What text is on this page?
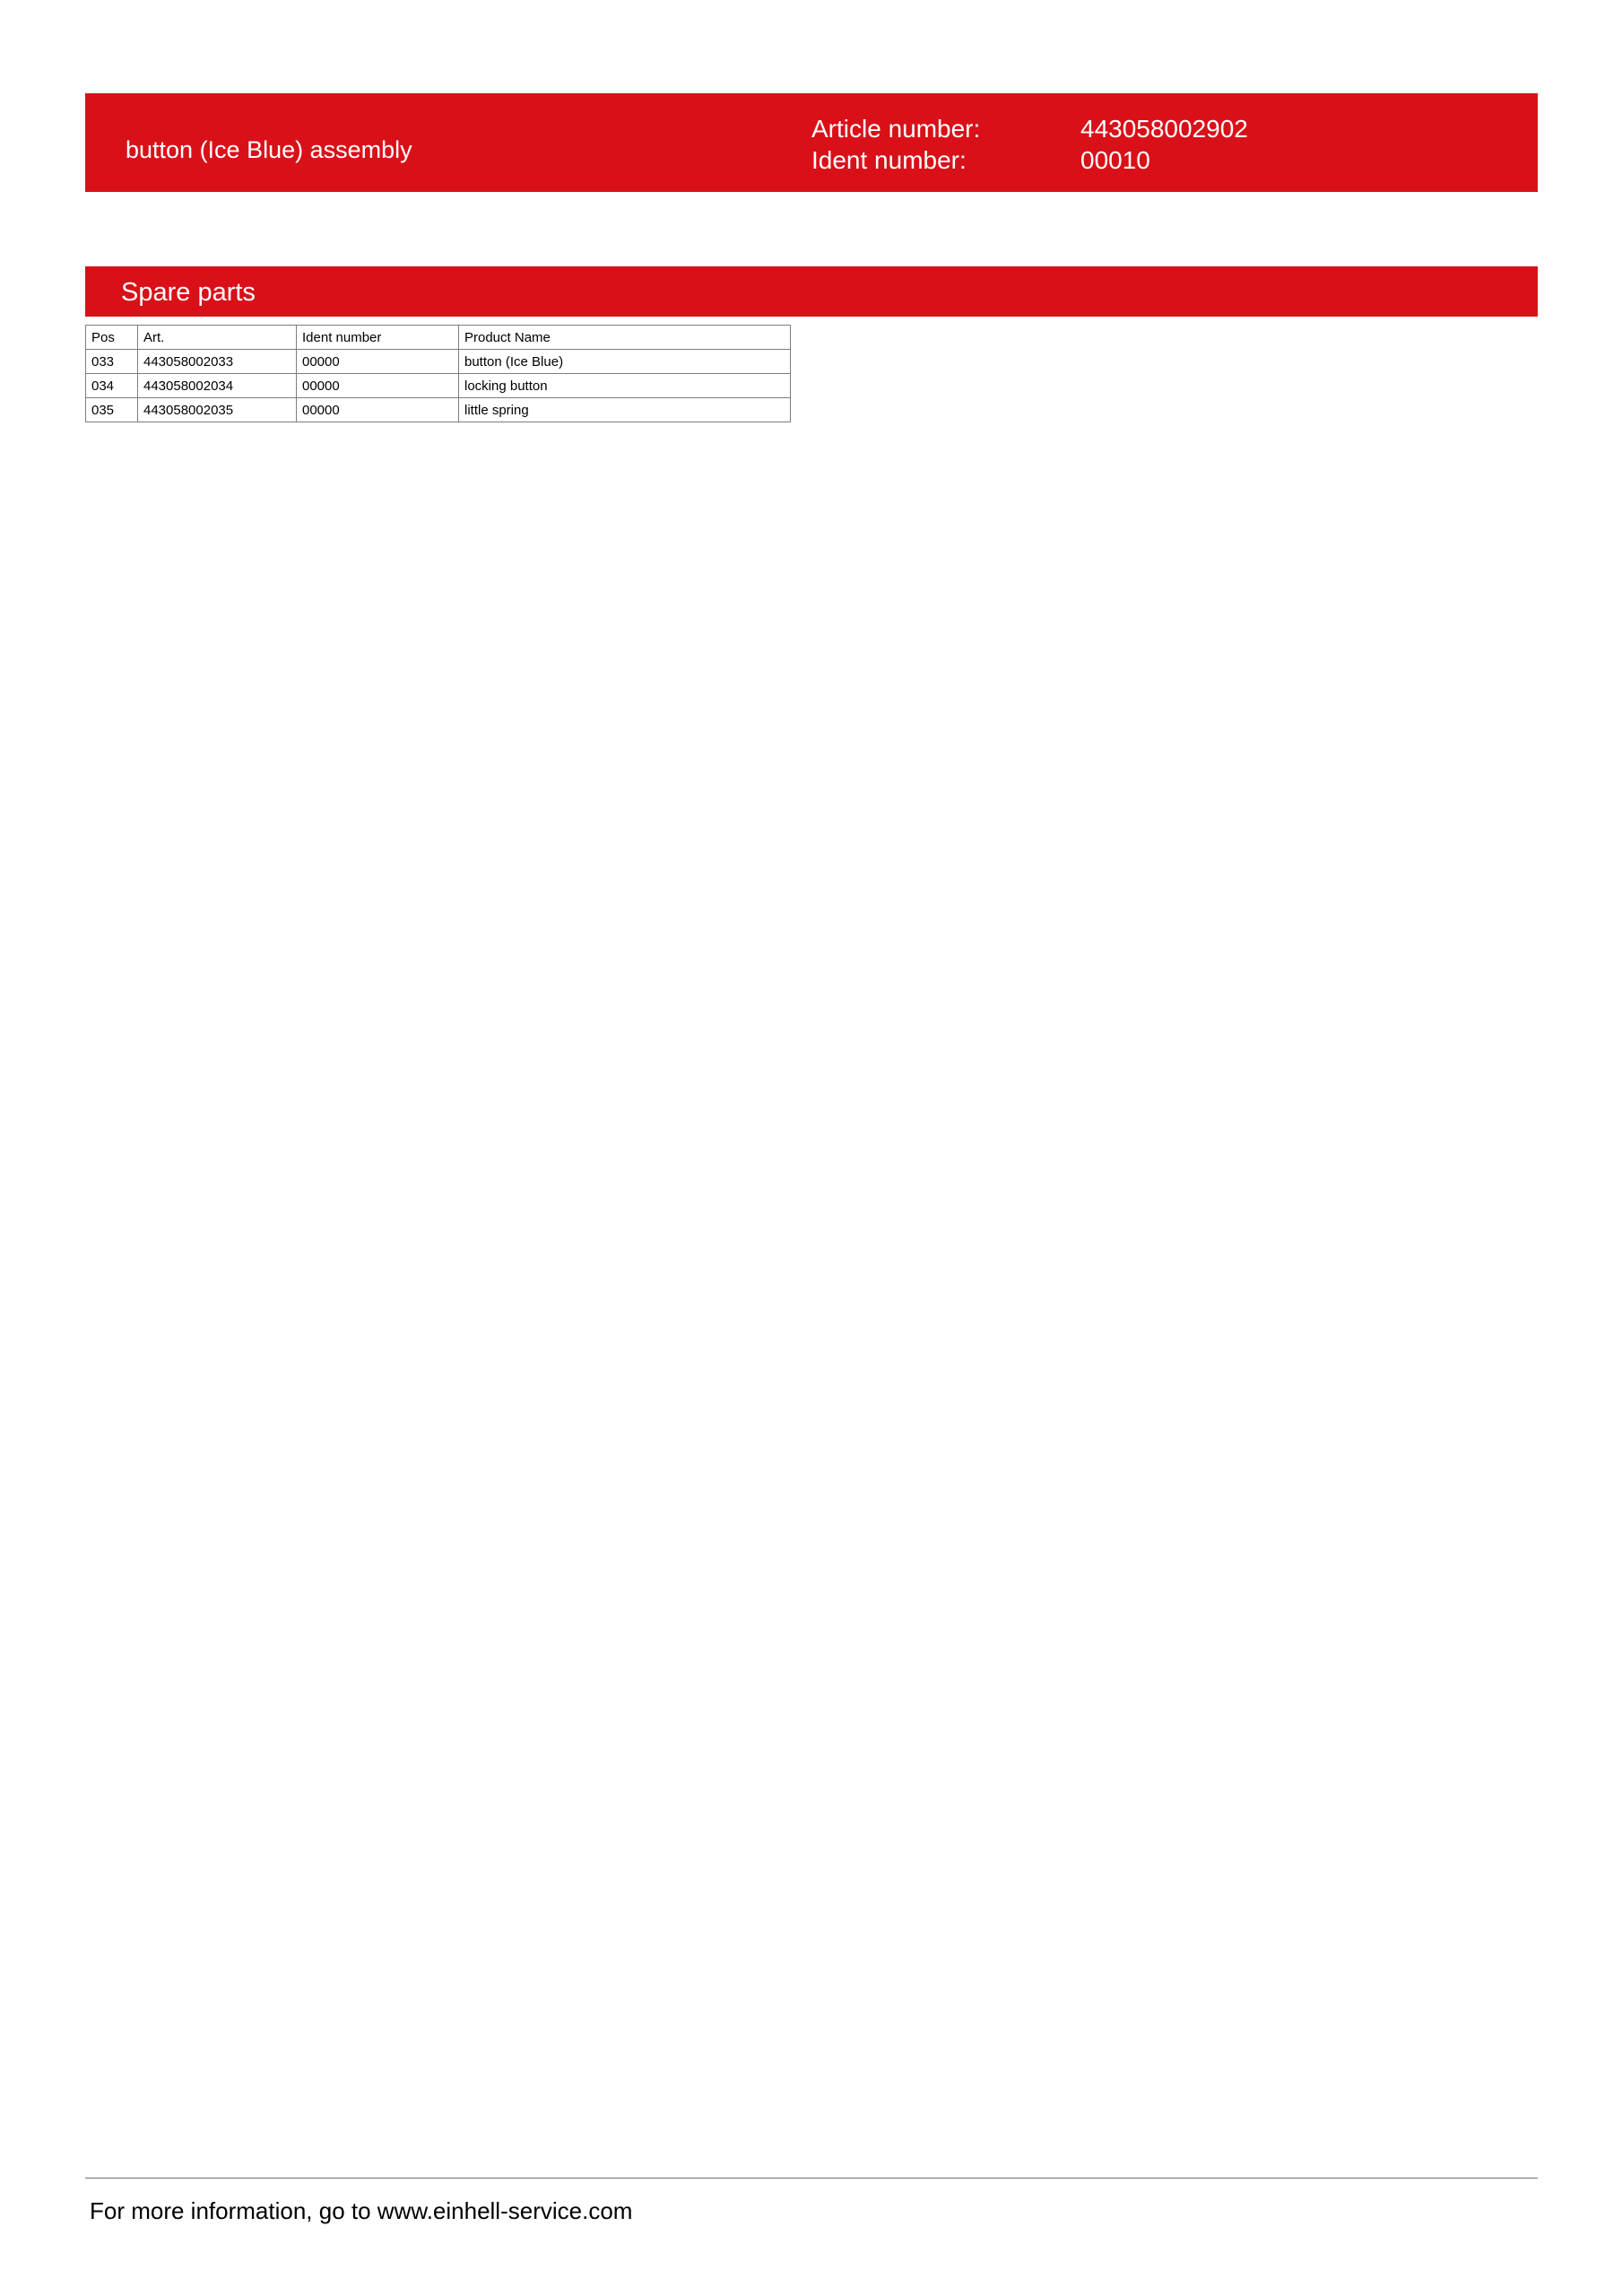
button (Ice Blue) assembly
Article number:	443058002902
Ident number:	00010
Spare parts
Pos	Art.	Ident number	Product Name
033	443058002033	00000	button (Ice Blue)
034	443058002034	00000	locking button
035	443058002035	00000	little spring
For more information, go to www.einhell-service.com
